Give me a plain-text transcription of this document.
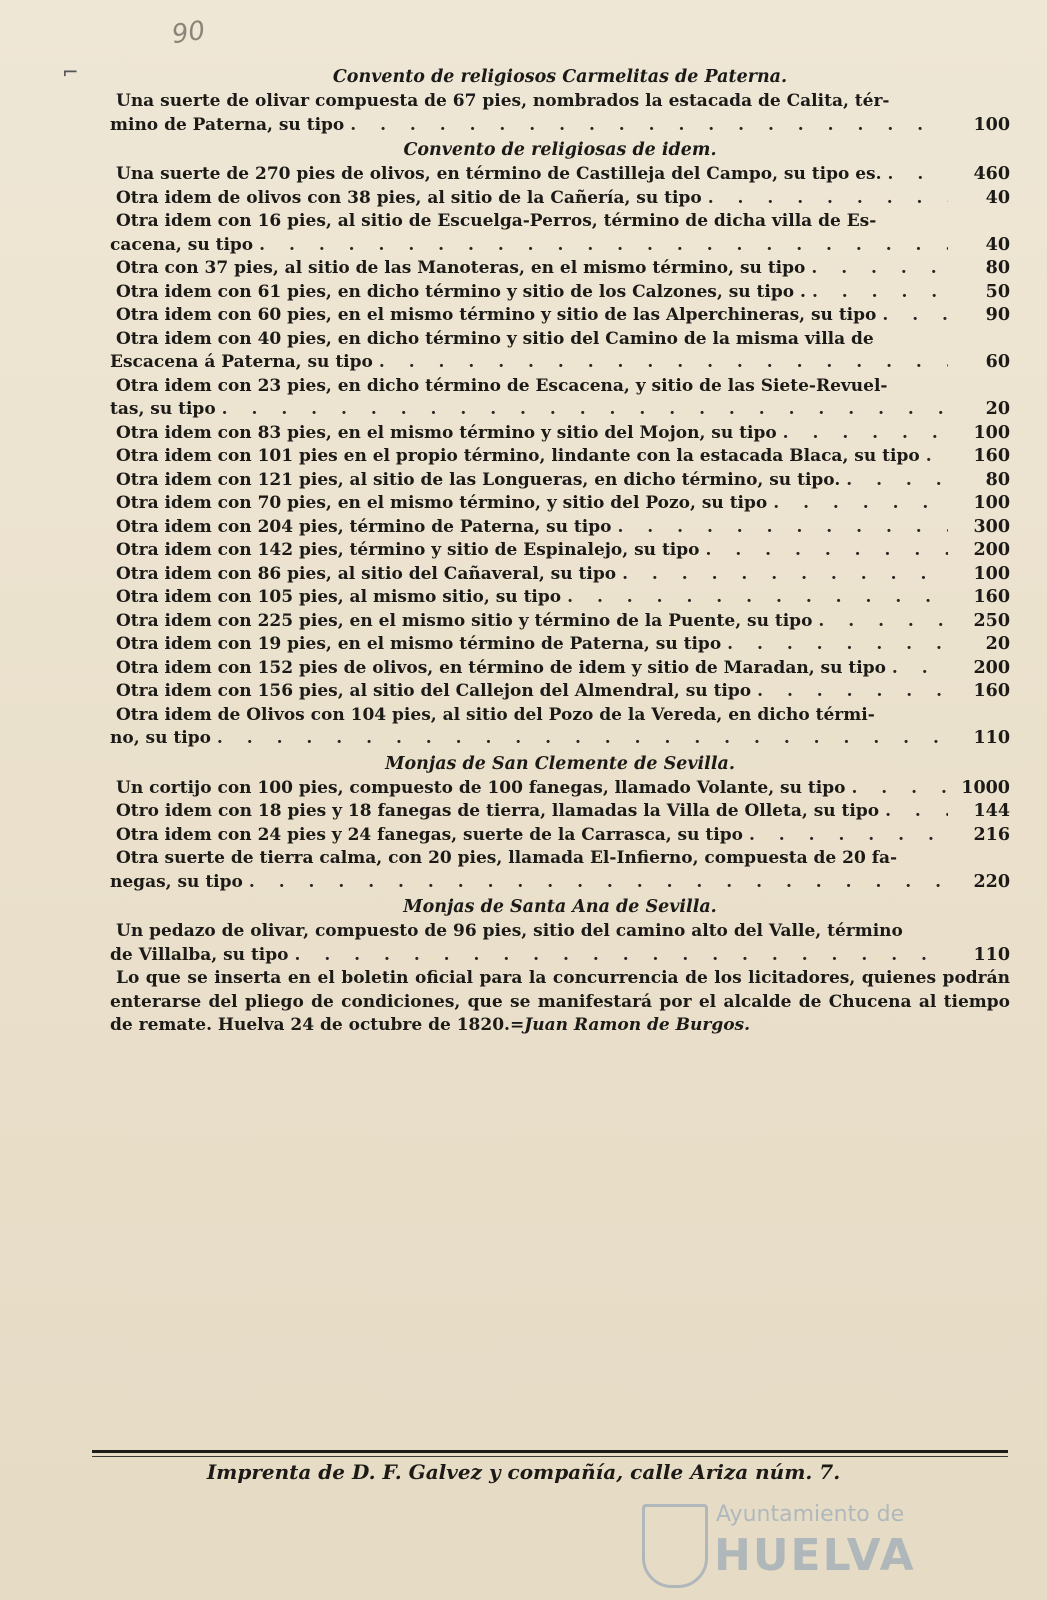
90
⌐	Convento de religiosos Carmelitas de Paterna.

Una suerte de olivar compuesta de 67 pies, nombrados la estacada de Calita, tér-

mino de Paterna, su tipo . . .	100
Convento de religiosas de idem.
Una suerte de 270 pies de olivos, en término de Castilleja del Campo, su tipo es. . . .	460
Otra idem de olivos con 38 pies, al sitio de la Cañería, su tipo . . .	40

Otra idem con 16 pies, al sitio de Escuelga-Perros, término de dicha villa de Es-

cacena, su tipo . . .	40
Otra con 37 pies, al sitio de las Manoteras, en el mismo término, su tipo . . .	80
Otra idem con 61 pies, en dicho término y sitio de los Calzones, su tipo . . . .	50
Otra idem con 60 pies, en el mismo término y sitio de las Alperchineras, su tipo . . .	90

Otra idem con 40 pies, en dicho término y sitio del Camino de la misma villa de

Escacena á Paterna, su tipo . . .	60

Otra idem con 23 pies, en dicho término de Escacena, y sitio de las Siete-Revuel-

tas, su tipo . . .	20
Otra idem con 83 pies, en el mismo término y sitio del Mojon, su tipo . . .	100
Otra idem con 101 pies en el propio término, lindante con la estacada Blaca, su tipo . . .	160
Otra idem con 121 pies, al sitio de las Longueras, en dicho término, su tipo. . . .	80
Otra idem con 70 pies, en el mismo término, y sitio del Pozo, su tipo . . .	100
Otra idem con 204 pies, término de Paterna, su tipo . . .	300
Otra idem con 142 pies, término y sitio de Espinalejo, su tipo . . .	200
Otra idem con 86 pies, al sitio del Cañaveral, su tipo . . .	100
Otra idem con 105 pies, al mismo sitio, su tipo . . .	160
Otra idem con 225 pies, en el mismo sitio y término de la Puente, su tipo . . .	250
Otra idem con 19 pies, en el mismo término de Paterna, su tipo . . .	20
Otra idem con 152 pies de olivos, en término de idem y sitio de Maradan, su tipo . . .	200
Otra idem con 156 pies, al sitio del Callejon del Almendral, su tipo . . .	160

Otra idem de Olivos con 104 pies, al sitio del Pozo de la Vereda, en dicho térmi-

no, su tipo . . .	110
Monjas de San Clemente de Sevilla.
Un cortijo con 100 pies, compuesto de 100 fanegas, llamado Volante, su tipo . . .	1000
Otro idem con 18 pies y 18 fanegas de tierra, llamadas la Villa de Olleta, su tipo . . .	144
Otra idem con 24 pies y 24 fanegas, suerte de la Carrasca, su tipo . . .	216

Otra suerte de tierra calma, con 20 pies, llamada El-Infierno, compuesta de 20 fa-

negas, su tipo . . .	220
Monjas de Santa Ana de Sevilla.

Un pedazo de olivar, compuesto de 96 pies, sitio del camino alto del Valle, término

de Villalba, su tipo . . .	110

Lo que se inserta en el boletin oficial para la concurrencia de los licitadores, quienes podrán enterarse del pliego de condiciones, que se manifestará por el alcalde de Chucena al tiempo de remate. Huelva 24 de octubre de 1820.=Juan Ramon de Burgos.

Imprenta de D. F. Galvez y compañía, calle Ariza núm. 7.
Ayuntamiento de
HUELVA
